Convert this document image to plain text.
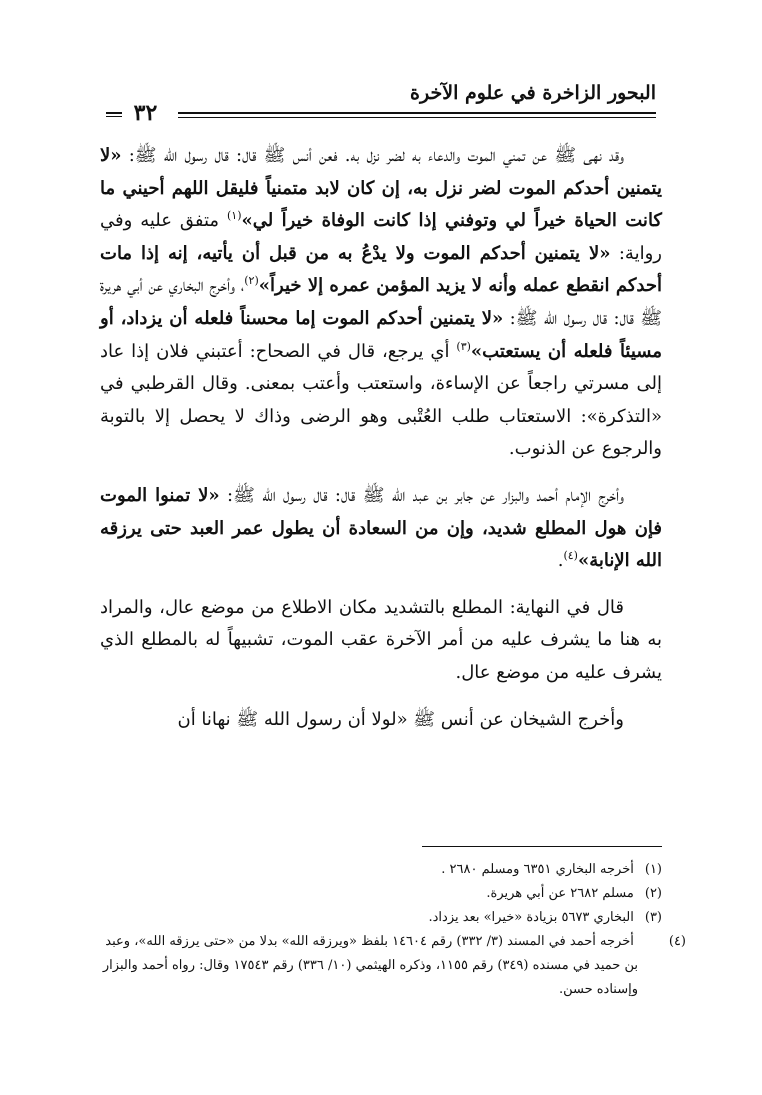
البحور الزاخرة في علوم الآخرة
٣٢

وقد نهى ﷺ عن تمني الموت والدعاء به لضر نزل به. فعن أنس ﷺ قال: قال رسول الله ﷺ: «لا يتمنين أحدكم الموت لضر نزل به، إن كان لابد متمنياً فليقل اللهم أحيني ما كانت الحياة خيراً لي وتوفني إذا كانت الوفاة خيراً لي»$^{(١)}$ متفق عليه وفي رواية: «لا يتمنين أحدكم الموت ولا يدْعُ به من قبل أن يأتيه، إنه إذا مات أحدكم انقطع عمله وأنه لا يزيد المؤمن عمره إلا خيراً»$^{(٢)}$، وأخرج البخاري عن أبي هريرة ﷺ قال: قال رسول الله ﷺ: «لا يتمنين أحدكم الموت إما محسناً فلعله أن يزداد، أو مسيئاً فلعله أن يستعتب»$^{(٣)}$ أي يرجع، قال في الصحاح: أعتبني فلان إذا عاد إلى مسرتي راجعاً عن الإساءة، واستعتب وأعتب بمعنى. وقال القرطبي في «التذكرة»: الاستعتاب طلب العُتْبى وهو الرضى وذاك لا يحصل إلا بالتوبة والرجوع عن الذنوب.

وأخرج الإمام أحمد والبزار عن جابر بن عبد الله ﷺ قال: قال رسول الله ﷺ: «لا تمنوا الموت فإن هول المطلع شديد، وإن من السعادة أن يطول عمر العبد حتى يرزقه الله الإنابة»$^{(٤)}$.

قال في النهاية: المطلع بالتشديد مكان الاطلاع من موضع عال، والمراد به هنا ما يشرف عليه من أمر الآخرة عقب الموت، تشبيهاً له بالمطلع الذي يشرف عليه من موضع عال.

وأخرج الشيخان عن أنس ﷺ «لولا أن رسول الله ﷺ نهانا أن

(١) أخرجه البخاري ٦٣٥١ ومسلم ٢٦٨٠ .

(٢) مسلم ٢٦٨٢ عن أبي هريرة.

(٣) البخاري ٥٦٧٣ بزيادة «خيرا» بعد يزداد.

(٤) أخرجه أحمد في المسند (٣/ ٣٣٢) رقم ١٤٦٠٤ بلفظ «ويرزقه الله» بدلا من «حتى يرزقه الله»، وعبد بن حميد في مسنده (٣٤٩) رقم ١١٥٥، وذكره الهيثمي (١٠/ ٣٣٦) رقم ١٧٥٤٣ وقال: رواه أحمد والبزار وإسناده حسن.
